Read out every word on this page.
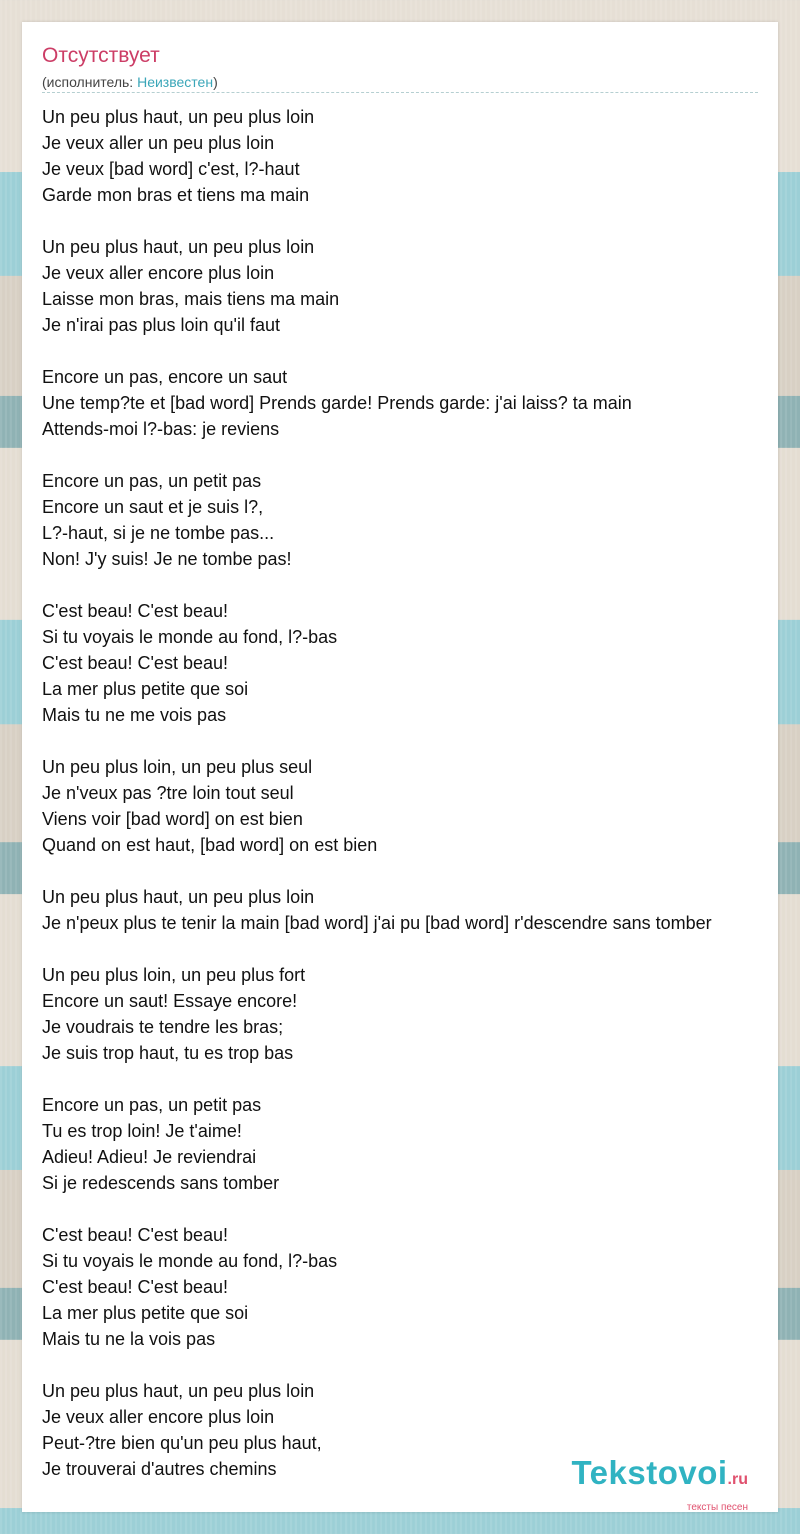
Отсутствует
(исполнитель: Неизвестен)
Un peu plus haut, un peu plus loin
Je veux aller un peu plus loin
Je veux [bad word] c'est, l?-haut
Garde mon bras et tiens ma main
Un peu plus haut, un peu plus loin
Je veux aller encore plus loin
Laisse mon bras, mais tiens ma main
Je n'irai pas plus loin qu'il faut
Encore un pas, encore un saut
Une temp?te et [bad word] Prends garde! Prends garde: j'ai laiss? ta main
Attends-moi l?-bas: je reviens
Encore un pas, un petit pas
Encore un saut et je suis l?,
L?-haut, si je ne tombe pas...
Non! J'y suis! Je ne tombe pas!
C'est beau! C'est beau!
Si tu voyais le monde au fond, l?-bas
C'est beau! C'est beau!
La mer plus petite que soi
Mais tu ne me vois pas
Un peu plus loin, un peu plus seul
Je n'veux pas ?tre loin tout seul
Viens voir [bad word] on est bien
Quand on est haut, [bad word] on est bien
Un peu plus haut, un peu plus loin
Je n'peux plus te tenir la main [bad word] j'ai pu [bad word] r'descendre sans tomber
Un peu plus loin, un peu plus fort
Encore un saut! Essaye encore!
Je voudrais te tendre les bras;
Je suis trop haut, tu es trop bas
Encore un pas, un petit pas
Tu es trop loin! Je t'aime!
Adieu! Adieu! Je reviendrai
Si je redescends sans tomber
C'est beau! C'est beau!
Si tu voyais le monde au fond, l?-bas
C'est beau! C'est beau!
La mer plus petite que soi
Mais tu ne la vois pas
Un peu plus haut, un peu plus loin
Je veux aller encore plus loin
Peut-?tre bien qu'un peu plus haut,
Je trouverai d'autres chemins	Tekstovoi.ru
тексты песен
